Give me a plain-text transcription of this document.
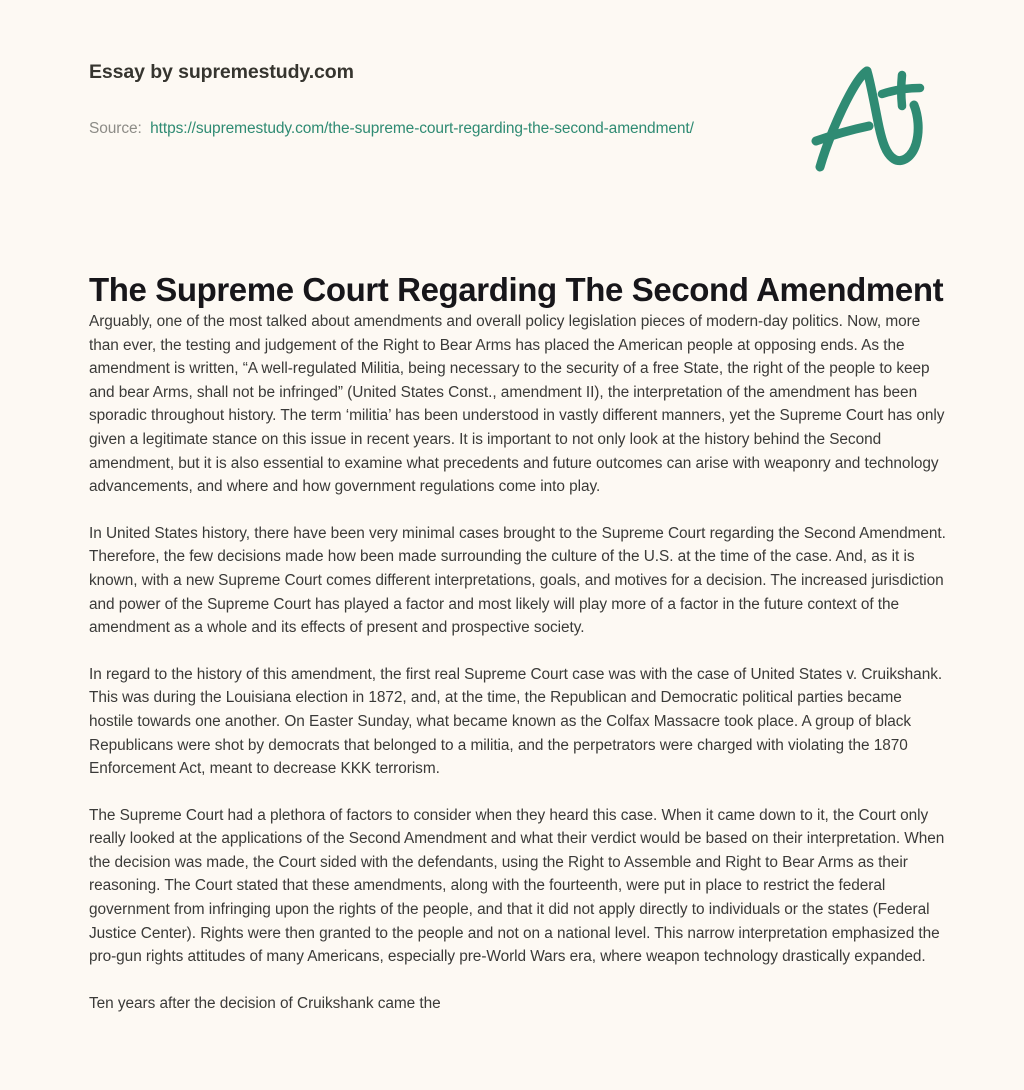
Essay by supremestudy.com
Source: https://supremestudy.com/the-supreme-court-regarding-the-second-amendment/
The Supreme Court Regarding The Second Amendment

Arguably, one of the most talked about amendments and overall policy legislation pieces of modern-day politics. Now, more than ever, the testing and judgement of the Right to Bear Arms has placed the American people at opposing ends. As the amendment is written, “A well-regulated Militia, being necessary to the security of a free State, the right of the people to keep and bear Arms, shall not be infringed” (United States Const., amendment II), the interpretation of the amendment has been sporadic throughout history. The term ‘militia’ has been understood in vastly different manners, yet the Supreme Court has only given a legitimate stance on this issue in recent years. It is important to not only look at the history behind the Second amendment, but it is also essential to examine what precedents and future outcomes can arise with weaponry and technology advancements, and where and how government regulations come into play.

In United States history, there have been very minimal cases brought to the Supreme Court regarding the Second Amendment. Therefore, the few decisions made how been made surrounding the culture of the U.S. at the time of the case. And, as it is known, with a new Supreme Court comes different interpretations, goals, and motives for a decision. The increased jurisdiction and power of the Supreme Court has played a factor and most likely will play more of a factor in the future context of the amendment as a whole and its effects of present and prospective society.

In regard to the history of this amendment, the first real Supreme Court case was with the case of United States v. Cruikshank. This was during the Louisiana election in 1872, and, at the time, the Republican and Democratic political parties became hostile towards one another. On Easter Sunday, what became known as the Colfax Massacre took place. A group of black Republicans were shot by democrats that belonged to a militia, and the perpetrators were charged with violating the 1870 Enforcement Act, meant to decrease KKK terrorism.

The Supreme Court had a plethora of factors to consider when they heard this case. When it came down to it, the Court only really looked at the applications of the Second Amendment and what their verdict would be based on their interpretation. When the decision was made, the Court sided with the defendants, using the Right to Assemble and Right to Bear Arms as their reasoning. The Court stated that these amendments, along with the fourteenth, were put in place to restrict the federal government from infringing upon the rights of the people, and that it did not apply directly to individuals or the states (Federal Justice Center). Rights were then granted to the people and not on a national level. This narrow interpretation emphasized the pro-gun rights attitudes of many Americans, especially pre-World Wars era, where weapon technology drastically expanded.

Ten years after the decision of Cruikshank came the
